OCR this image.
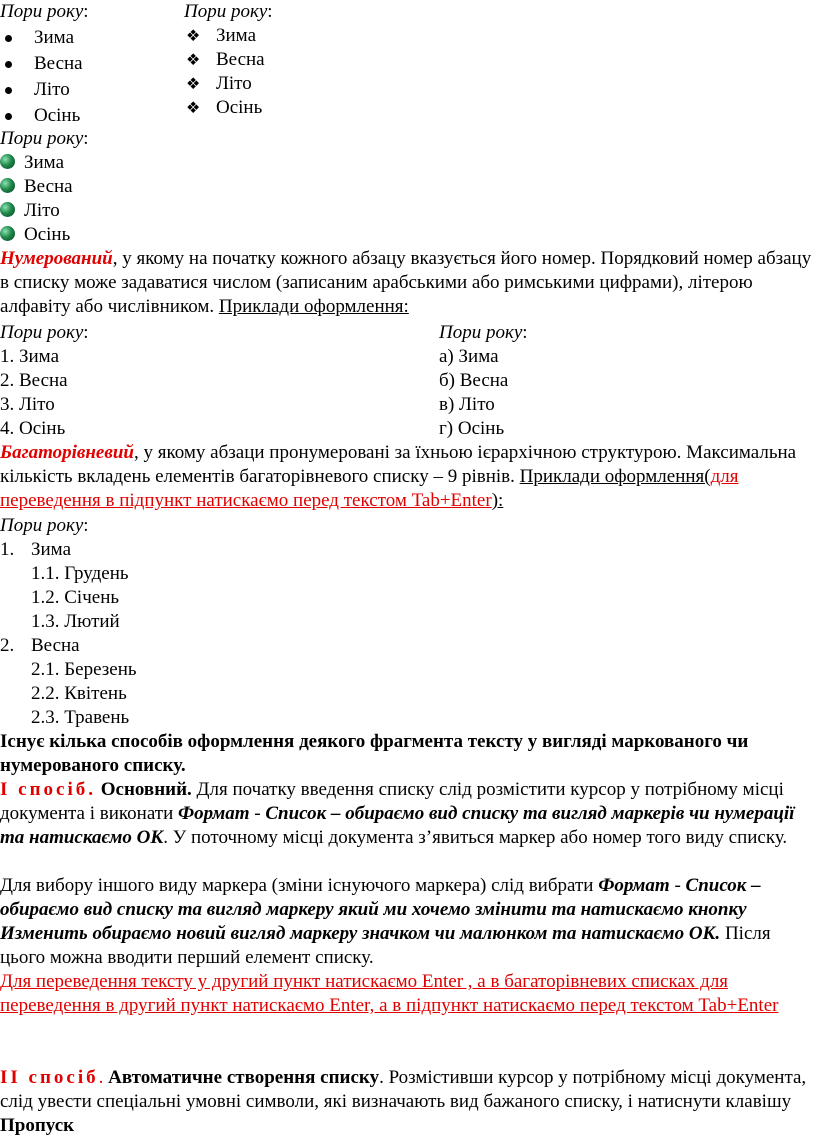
Пори року:
Зима
Весна
Літо
Осінь
Пори року:
❖ Зима
❖ Весна
❖ Літо
❖ Осінь
Пори року:
Зима
Весна
Літо
Осінь
Нумерований, у якому на початку кожного абзацу вказується його номер. Порядковий номер абзацу в списку може задаватися числом (записаним арабськими або римськими цифрами), літерою алфавіту або числівником. Приклади оформлення:
Пори року:	Пори року:
1. Зима
2. Весна
3. Літо
4. Осінь
а) Зима
б) Весна
в) Літо
г) Осінь
Багаторівневий, у якому абзаци пронумеровані за їхньою ієрархічною структурою. Максимальна кількість вкладень елементів багаторівневого списку – 9 рівнів. Приклади оформлення(для переведення в підпункт натискаємо перед текстом Tab+Enter):
Пори року:
1. Зима
1.1. Грудень
1.2. Січень
1.3. Лютий
2. Весна
2.1. Березень
2.2. Квітень
2.3. Травень
Існує кілька способів оформлення деякого фрагмента тексту у вигляді маркованого чи нумерованого списку.
І спосіб. Основний. Для початку введення списку слід розмістити курсор у потрібному місці документа і виконати Формат - Список – обираємо вид списку та вигляд маркерів чи нумерації та натискаємо ОК. У поточному місці документа з’явиться маркер або номер того виду списку.
Для вибору іншого виду маркера (зміни існуючого маркера) слід вибрати Формат - Список – обираємо вид списку та вигляд маркеру який ми хочемо змінити та натискаємо кнопку Изменить обираємо новий вигляд маркеру значком чи малюнком та натискаємо ОК. Після цього можна вводити перший елемент списку.
Для переведення тексту у другий пункт натискаємо Enter , а в багаторівневих списках для переведення в другий пункт натискаємо Enter, а в підпункт натискаємо перед текстом Tab+Enter
ІІ спосіб. Автоматичне створення списку. Розмістивши курсор у потрібному місці документа, слід увести спеціальні умовні символи, які визначають вид бажаного списку, і натиснути клавішу Пропуск
